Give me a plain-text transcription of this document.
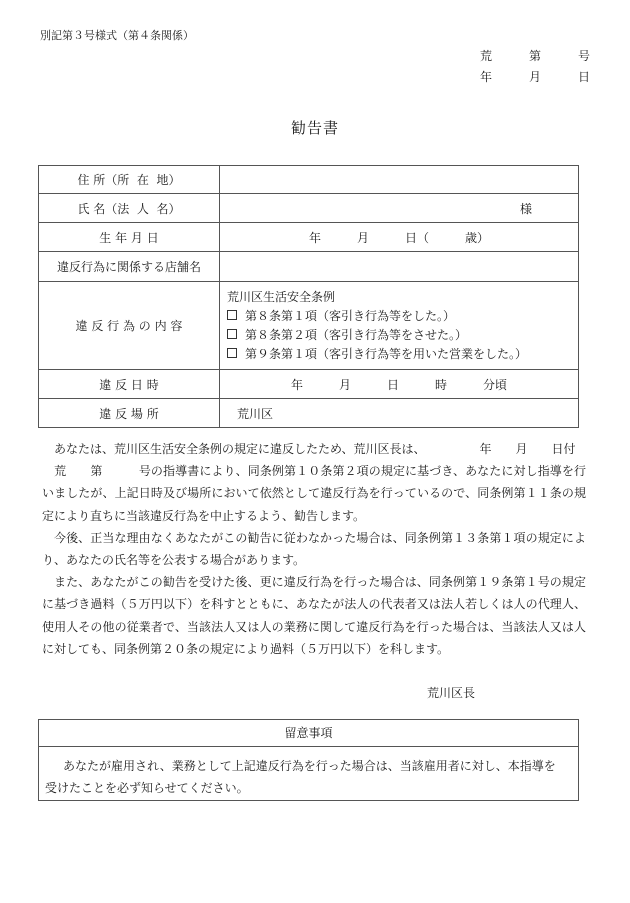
別記第３号様式（第４条関係）
荒	第	号
年	月	日
勧告書
住 所（所  在  地）	
氏 名（法  人  名）	様
生 年 月 日	年　　　月　　　日（　　　歳）
違反行為に関係する店舗名	
違 反 行 為 の 内 容	荒川区生活安全条例
第８条第１項（客引き行為等をした。）
第８条第２項（客引き行為等をさせた。）
第９条第１項（客引き行為等を用いた営業をした。）

違 反 日 時	年　　　月　　　日　　　時　　　分頃
違 反 場 所	荒川区

あなたは、荒川区生活安全条例の規定に違反したため、荒川区長は、　　　　　年　　月　　日付

　荒　　第　　　号の指導書により、同条例第１０条第２項の規定に基づき、あなたに対し指導を行いましたが、上記日時及び場所において依然として違反行為を行っているので、同条例第１１条の規定により直ちに当該違反行為を中止するよう、勧告します。

今後、正当な理由なくあなたがこの勧告に従わなかった場合は、同条例第１３条第１項の規定により、あなたの氏名等を公表する場合があります。

また、あなたがこの勧告を受けた後、更に違反行為を行った場合は、同条例第１９条第１号の規定に基づき過料（５万円以下）を科すとともに、あなたが法人の代表者又は法人若しくは人の代理人、使用人その他の従業者で、当該法人又は人の業務に関して違反行為を行った場合は、当該法人又は人に対しても、同条例第２０条の規定により過料（５万円以下）を科します。

荒川区長
留意事項
あなたが雇用され、業務として上記違反行為を行った場合は、当該雇用者に対し、本指導を受けたことを必ず知らせてください。
